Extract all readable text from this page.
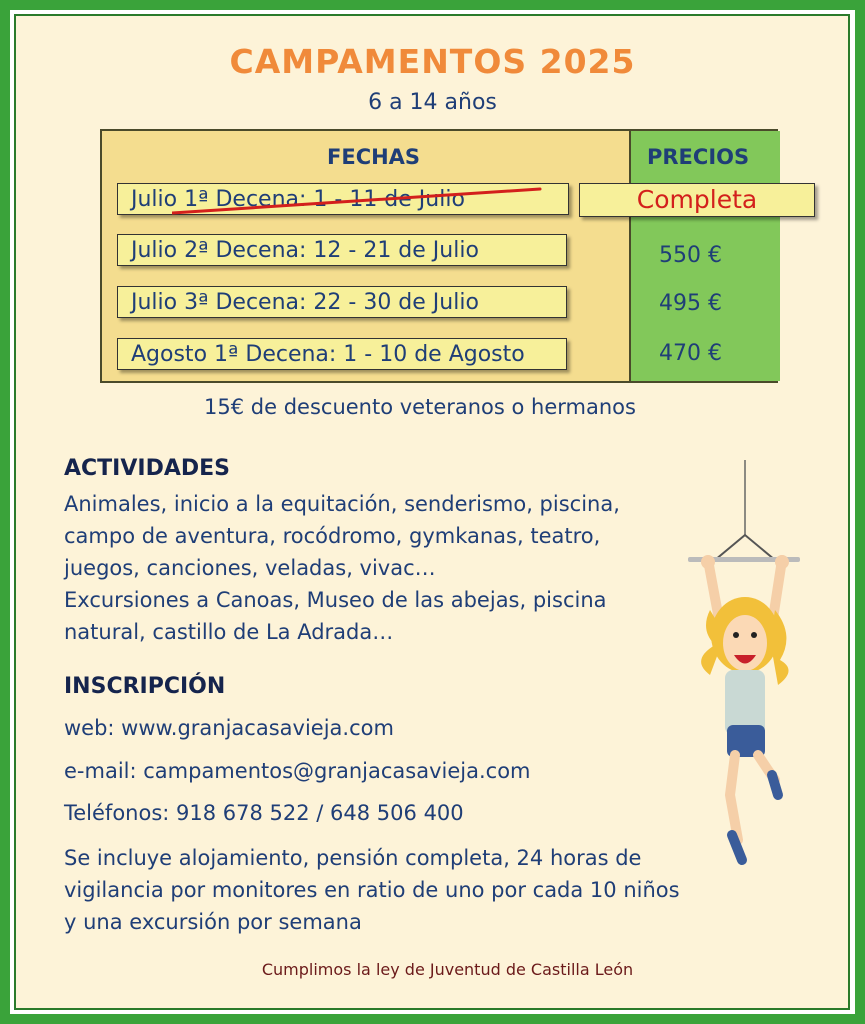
CAMPAMENTOS 2025
6 a 14 años
FECHAS	PRECIOS
Julio 1ª Decena: 1 - 11 de Julio	Completa
Julio 2ª Decena: 12 - 21 de Julio	550 €
Julio 3ª Decena: 22 - 30 de Julio	495 €
Agosto 1ª Decena: 1 - 10 de Agosto	470 €
15€ de descuento veteranos o hermanos
ACTIVIDADES
Animales, inicio a la equitación, senderismo, piscina,
campo de aventura, rocódromo, gymkanas, teatro,
juegos, canciones, veladas, vivac…
Excursiones a Canoas, Museo de las abejas, piscina
natural, castillo de La Adrada…
INSCRIPCIÓN
web: www.granjacasavieja.com
e-mail: campamentos@granjacasavieja.com
Teléfonos: 918 678 522 / 648 506 400
Se incluye alojamiento, pensión completa, 24 horas de
vigilancia por monitores en ratio de uno por cada 10 niños
y una excursión por semana
Cumplimos la ley de Juventud de Castilla León
